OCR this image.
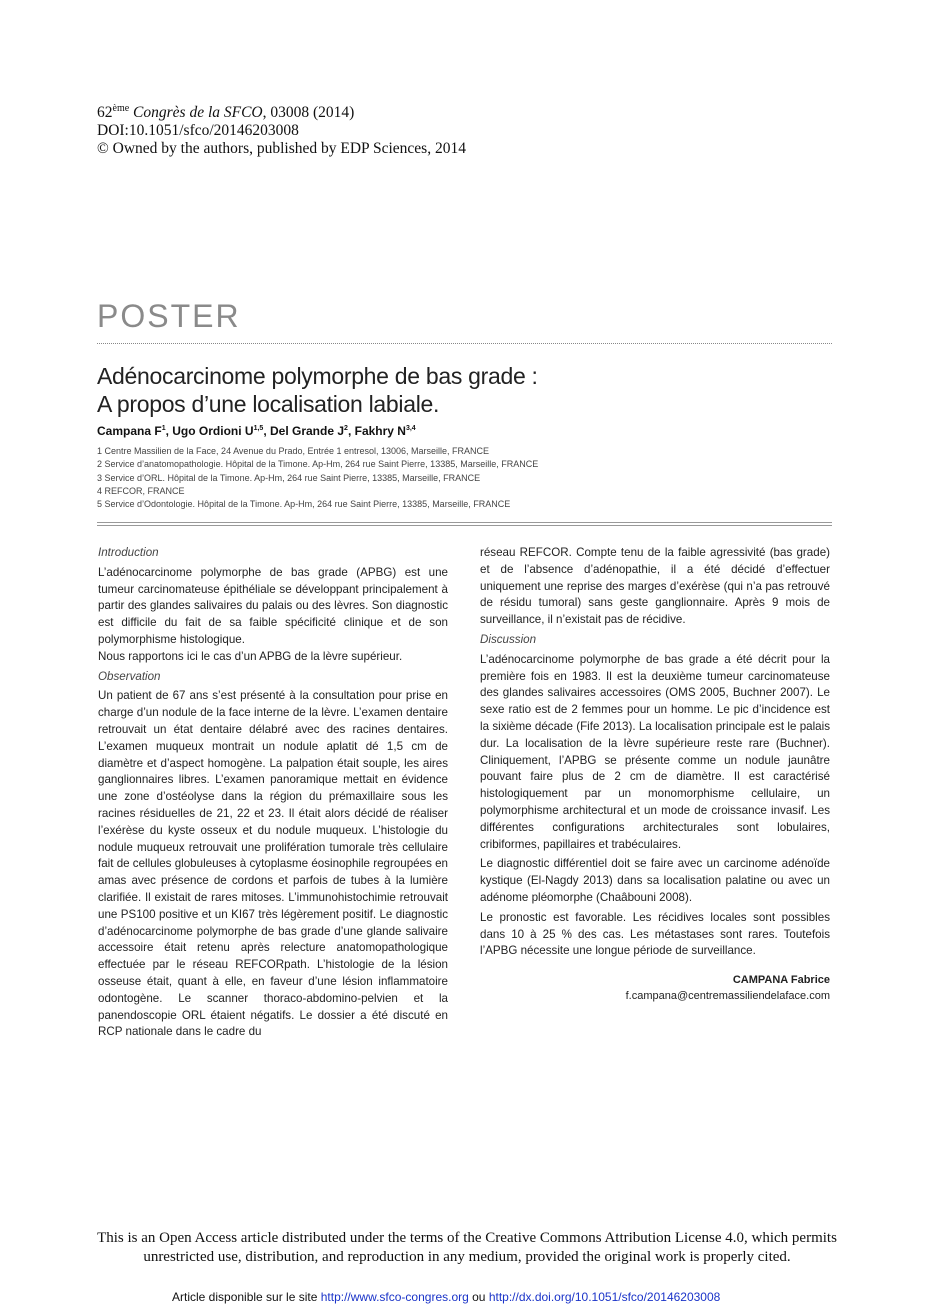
62ème Congrès de la SFCO, 03008 (2014)
DOI:10.1051/sfco/20146203008
© Owned by the authors, published by EDP Sciences, 2014
POSTER
Adénocarcinome polymorphe de bas grade :
A propos d’une localisation labiale.
Campana $F^1$, Ugo Ordioni U$^{1,5}$, Del Grande $J^2$, Fakhry N$^{3,4}$
1 Centre Massilien de la Face, 24 Avenue du Prado, Entrée 1 entresol, 13006, Marseille, FRANCE
2 Service d’anatomopathologie. Hôpital de la Timone. Ap-Hm, 264 rue Saint Pierre, 13385, Marseille, FRANCE
3 Service d’ORL. Hôpital de la Timone. Ap-Hm, 264 rue Saint Pierre, 13385, Marseille, FRANCE
4 REFCOR, FRANCE
5 Service d’Odontologie. Hôpital de la Timone. Ap-Hm, 264 rue Saint Pierre, 13385, Marseille, FRANCE

Introduction

L’adénocarcinome polymorphe de bas grade (APBG) est une tumeur carcinomateuse épithéliale se développant principalement à partir des glandes salivaires du palais ou des lèvres. Son diagnostic est difficile du fait de sa faible spécificité clinique et de son polymorphisme histologique.

Nous rapportons ici le cas d’un APBG de la lèvre supérieur.

Observation

Un patient de 67 ans s’est présenté à la consultation pour prise en charge d’un nodule de la face interne de la lèvre. L’examen dentaire retrouvait un état dentaire délabré avec des racines dentaires. L’examen muqueux montrait un nodule aplatit dé 1,5 cm de diamètre et d’aspect homogène. La palpation était souple, les aires ganglionnaires libres. L’examen panoramique mettait en évidence une zone d’ostéolyse dans la région du prémaxillaire sous les racines résiduelles de 21, 22 et 23. Il était alors décidé de réaliser l’exérèse du kyste osseux et du nodule muqueux. L’histologie du nodule muqueux retrouvait une prolifération tumorale très cellulaire fait de cellules globuleuses à cytoplasme éosinophile regroupées en amas avec présence de cordons et parfois de tubes à la lumière clarifiée. Il existait de rares mitoses. L’immunohistochimie retrouvait une PS100 positive et un KI67 très légèrement positif. Le diagnostic d’adénocarcinome polymorphe de bas grade d’une glande salivaire accessoire était retenu après relecture anatomopathologique effectuée par le réseau REFCORpath. L’histologie de la lésion osseuse était, quant à elle, en faveur d’une lésion inflammatoire odontogène. Le scanner thoraco-abdomino-pelvien et la panendoscopie ORL étaient négatifs. Le dossier a été discuté en RCP nationale dans le cadre du

réseau REFCOR. Compte tenu de la faible agressivité (bas grade) et de l’absence d’adénopathie, il a été décidé d’effectuer uniquement une reprise des marges d’exérèse (qui n’a pas retrouvé de résidu tumoral) sans geste ganglionnaire. Après 9 mois de surveillance, il n’existait pas de récidive.

Discussion

L’adénocarcinome polymorphe de bas grade a été décrit pour la première fois en 1983. Il est la deuxième tumeur carcinomateuse des glandes salivaires accessoires (OMS 2005, Buchner 2007). Le sexe ratio est de 2 femmes pour un homme. Le pic d’incidence est la sixième décade (Fife 2013). La localisation principale est le palais dur. La localisation de la lèvre supérieure reste rare (Buchner). Cliniquement, l’APBG se présente comme un nodule jaunâtre pouvant faire plus de 2 cm de diamètre. Il est caractérisé histologiquement par un monomorphisme cellulaire, un polymorphisme architectural et un mode de croissance invasif. Les différentes configurations architecturales sont lobulaires, cribiformes, papillaires et trabéculaires.

Le diagnostic différentiel doit se faire avec un carcinome adénoïde kystique (El-Nagdy 2013) dans sa localisation palatine ou avec un adénome pléomorphe (Chaâbouni 2008).

Le pronostic est favorable. Les récidives locales sont possibles dans 10 à 25 % des cas. Les métastases sont rares. Toutefois l’APBG nécessite une longue période de surveillance.

CAMPANA Fabrice
f.campana@centremassiliendelaface.com
This is an Open Access article distributed under the terms of the Creative Commons Attribution License 4.0, which permits unrestricted use, distribution, and reproduction in any medium, provided the original work is properly cited.
Article disponible sur le site http://www.sfco-congres.org ou http://dx.doi.org/10.1051/sfco/20146203008
